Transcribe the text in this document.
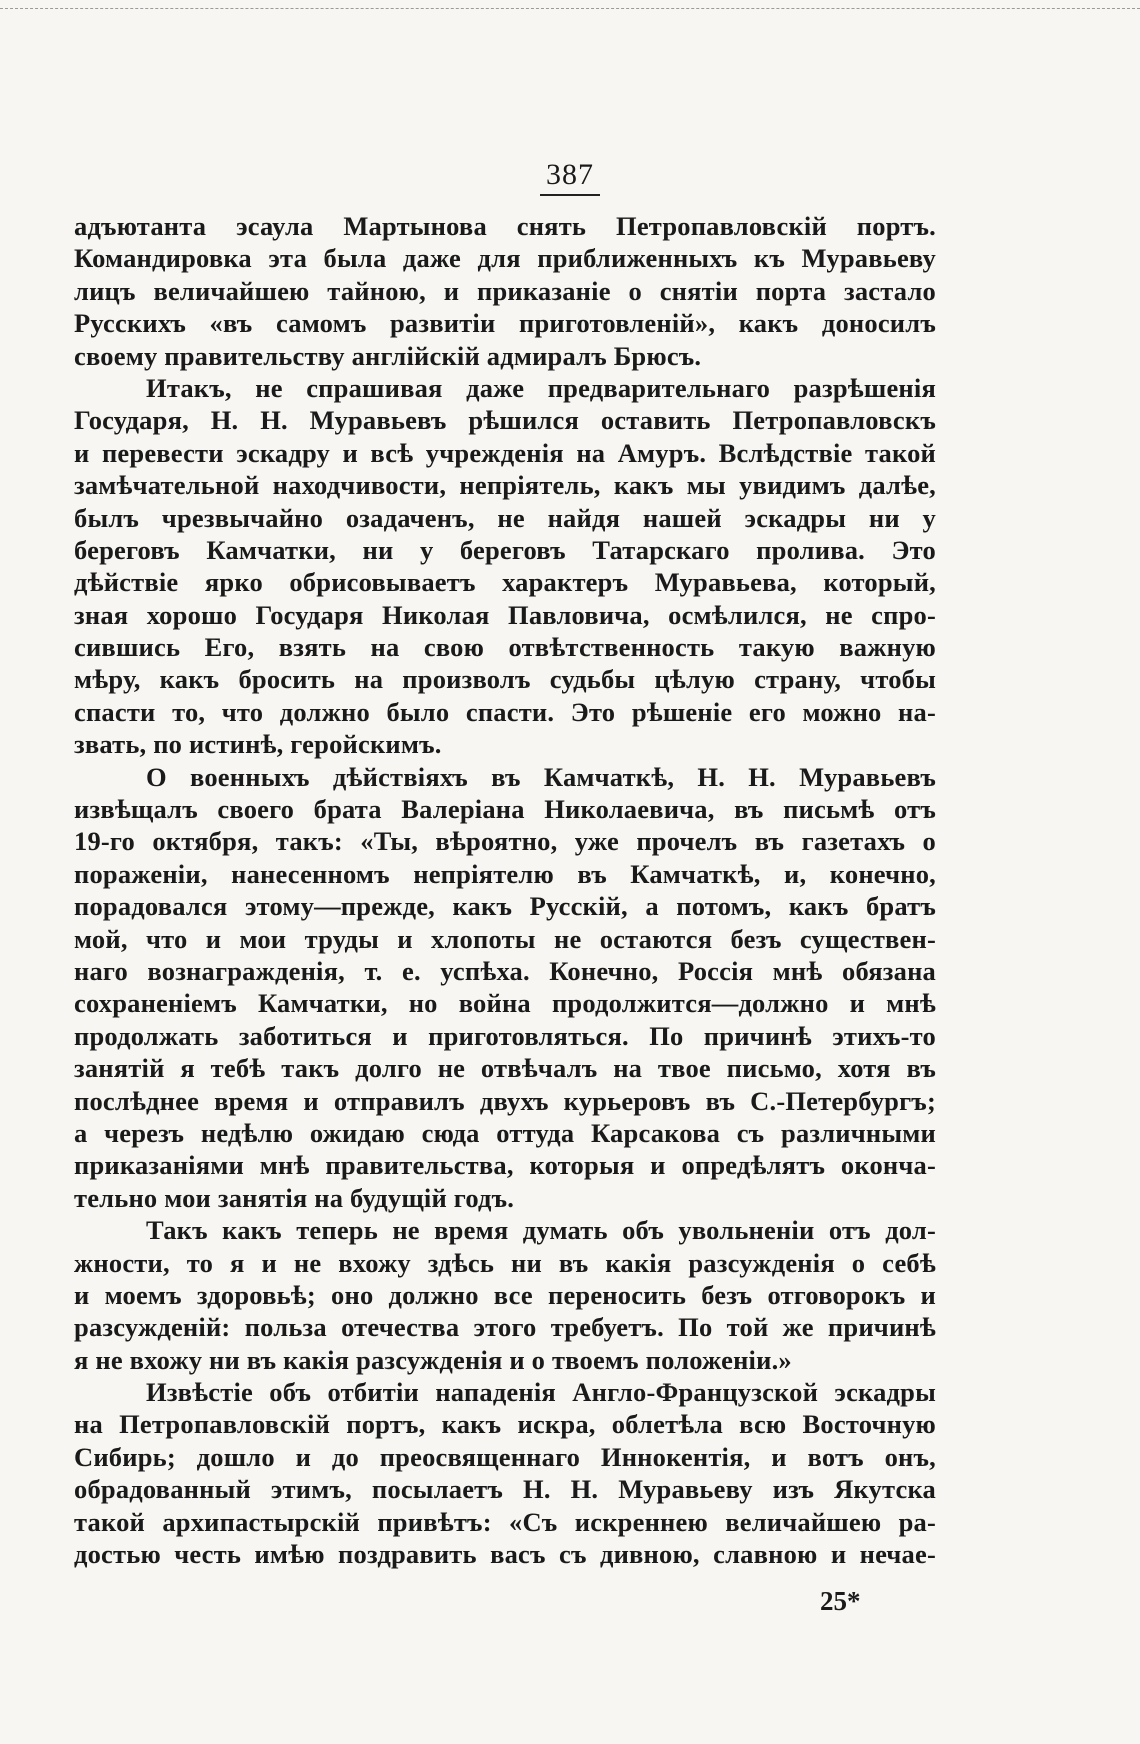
387
адъютанта эсаула Мартынова снять Петропавловскій портъ.
Командировка эта была даже для приближенныхъ къ Муравьеву
лицъ величайшею тайною, и приказаніе о снятіи порта застало
Русскихъ «въ самомъ развитіи приготовленій», какъ доносилъ
своему правительству англійскій адмиралъ Брюсъ.
Итакъ, не спрашивая даже предварительнаго разрѣшенія
Государя, Н. Н. Муравьевъ рѣшился оставить Петропавловскъ
и перевести эскадру и всѣ учрежденія на Амуръ. Вслѣдствіе такой
замѣчательной находчивости, непріятель, какъ мы увидимъ далѣе,
былъ чрезвычайно озадаченъ, не найдя нашей эскадры ни у
береговъ Камчатки, ни у береговъ Татарскаго пролива. Это
дѣйствіе ярко обрисовываетъ характеръ Муравьева, который,
зная хорошо Государя Николая Павловича, осмѣлился, не спро-
сившись Его, взять на свою отвѣтственность такую важную
мѣру, какъ бросить на произволъ судьбы цѣлую страну, чтобы
спасти то, что должно было спасти. Это рѣшеніе его можно на-
звать, по истинѣ, геройскимъ.
О военныхъ дѣйствіяхъ въ Камчаткѣ, Н. Н. Муравьевъ
извѣщалъ своего брата Валеріана Николаевича, въ письмѣ отъ
19-го октября, такъ: «Ты, вѣроятно, уже прочелъ въ газетахъ о
пораженіи, нанесенномъ непріятелю въ Камчаткѣ, и, конечно,
порадовался этому—прежде, какъ Русскій, а потомъ, какъ братъ
мой, что и мои труды и хлопоты не остаются безъ существен-
наго вознагражденія, т. е. успѣха. Конечно, Россія мнѣ обязана
сохраненіемъ Камчатки, но война продолжится—должно и мнѣ
продолжать заботиться и приготовляться. По причинѣ этихъ-то
занятій я тебѣ такъ долго не отвѣчалъ на твое письмо, хотя въ
послѣднее время и отправилъ двухъ курьеровъ въ С.-Петербургъ;
а черезъ недѣлю ожидаю сюда оттуда Карсакова съ различными
приказаніями мнѣ правительства, которыя и опредѣлятъ оконча-
тельно мои занятія на будущій годъ.
Такъ какъ теперь не время думать объ увольненіи отъ дол-
жности, то я и не вхожу здѣсь ни въ какія разсужденія о себѣ
и моемъ здоровьѣ; оно должно все переносить безъ отговорокъ и
разсужденій: польза отечества этого требуетъ. По той же причинѣ
я не вхожу ни въ какія разсужденія и о твоемъ положеніи.»
Извѣстіе объ отбитіи нападенія Англо-Французской эскадры
на Петропавловскій портъ, какъ искра, облетѣла всю Восточную
Сибирь; дошло и до преосвященнаго Иннокентія, и вотъ онъ,
обрадованный этимъ, посылаетъ Н. Н. Муравьеву изъ Якутска
такой архипастырскій привѣтъ: «Съ искреннею величайшею ра-
достью честь имѣю поздравить васъ съ дивною, славною и нечае-
25*
